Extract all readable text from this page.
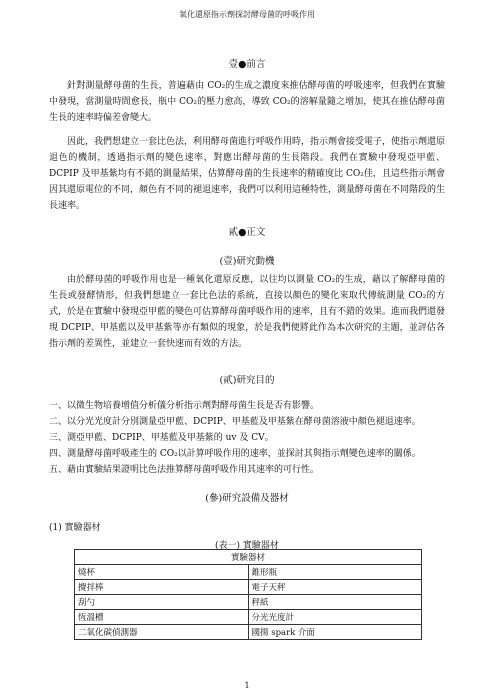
氧化還原指示劑探討酵母菌的呼吸作用
壹●前言

針對測量酵母菌的生長，普遍藉由 CO₂的生成之濃度來推估酵母菌的呼吸速率，但我們在實驗中發現，當測量時間愈長，瓶中 CO₂的壓力愈高，導致 CO₂的溶解量隨之增加，使其在推估酵母菌生長的速率時偏差會變大。

因此，我們想建立一套比色法，利用酵母菌進行呼吸作用時，指示劑會接受電子，使指示劑還原退色的機制，透過指示劑的變色速率，對應出酵母菌的生長階段。我們在實驗中發現亞甲藍、DCPIP 及甲基紫均有不錯的測量結果，估算酵母菌的生長速率的精確度比 CO₂佳，且這些指示劑會因其還原電位的不同，顏色有不同的褪退速率，我們可以利用這種特性，測量酵母菌在不同階段的生長速率。

貳●正文
(壹)研究動機

由於酵母菌的呼吸作用也是一種氧化還原反應，以往均以測量 CO₂的生成，藉以了解酵母菌的生長或發酵情形，但我們想建立一套比色法的系統，直接以顏色的變化來取代傳統測量 CO₂的方式，於是在實驗中發現亞甲藍的變色可估算酵母菌呼吸作用的速率，且有不錯的效果。進而我們還發現 DCPIP、甲基藍以及甲基紫等亦有類似的現象，於是我們便將此作為本次研究的主題，並評估各指示劑的差異性，並建立一套快速而有效的方法。

(貳)研究目的
一、以微生物培養增值分析儀分析指示劑對酵母菌生長是否有影響。
二、以分光光度計分別測量亞甲藍、DCPIP、甲基藍及甲基紫在酵母菌溶液中顏色褪退速率。
三、測亞甲藍、DCPIP、甲基藍及甲基紫的 uv 及 CV。
四、測量酵母菌呼吸產生的 CO₂以計算呼吸作用的速率，並探討其與指示劑變色速率的關係。
五、藉由實驗結果證明比色法推算酵母菌呼吸作用其速率的可行性。
(參)研究設備及器材
(1) 實驗器材
(表一) 實驗器材
實驗器材	
燒杯	錐形瓶
攪拌棒	電子天秤
刮勺	秤紙
恆溫槽	分光光度計
二氧化碳偵測器	國揚 spark 介面
1
